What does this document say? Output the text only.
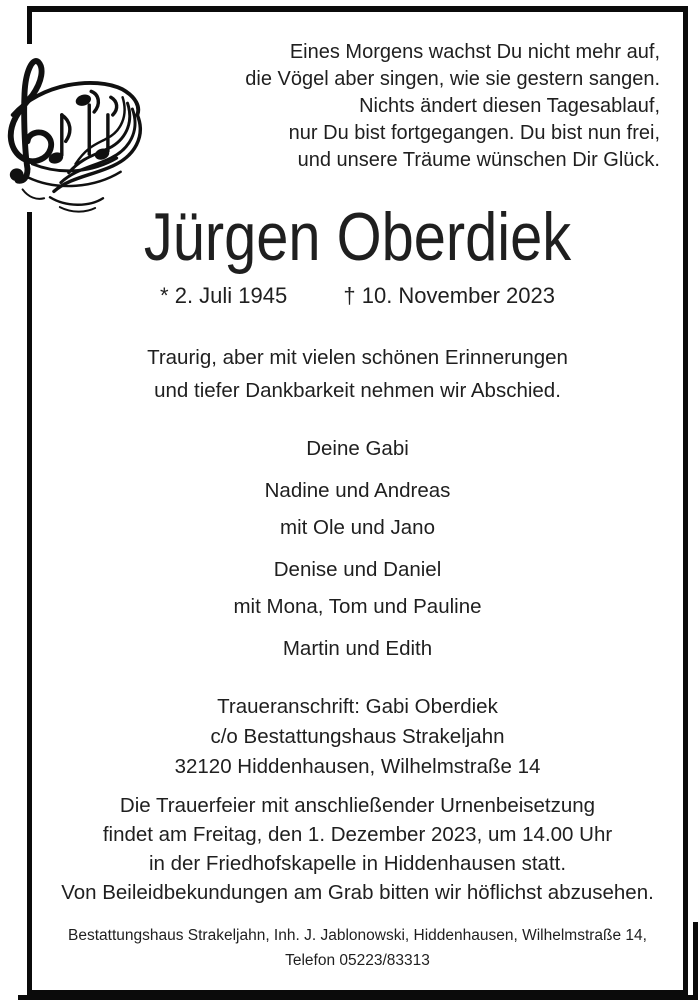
Eines Morgens wachst Du nicht mehr auf,
die Vögel aber singen, wie sie gestern sangen.
Nichts ändert diesen Tagesablauf,
nur Du bist fortgegangen. Du bist nun frei,
und unsere Träume wünschen Dir Glück.
Jürgen Oberdiek
* 2. Juli 1945	† 10. November 2023
Traurig, aber mit vielen schönen Erinnerungen
und tiefer Dankbarkeit nehmen wir Abschied.
Deine Gabi
Nadine und Andreas
mit Ole und Jano
Denise und Daniel
mit Mona, Tom und Pauline
Martin und Edith
Traueranschrift: Gabi Oberdiek
c/o Bestattungshaus Strakeljahn
32120 Hiddenhausen, Wilhelmstraße 14
Die Trauerfeier mit anschließender Urnenbeisetzung
findet am Freitag, den 1. Dezember 2023, um 14.00 Uhr
in der Friedhofskapelle in Hiddenhausen statt.
Von Beileidbekundungen am Grab bitten wir höflichst abzusehen.
Bestattungshaus Strakeljahn, Inh. J. Jablonowski, Hiddenhausen, Wilhelmstraße 14,
Telefon 05223/83313
